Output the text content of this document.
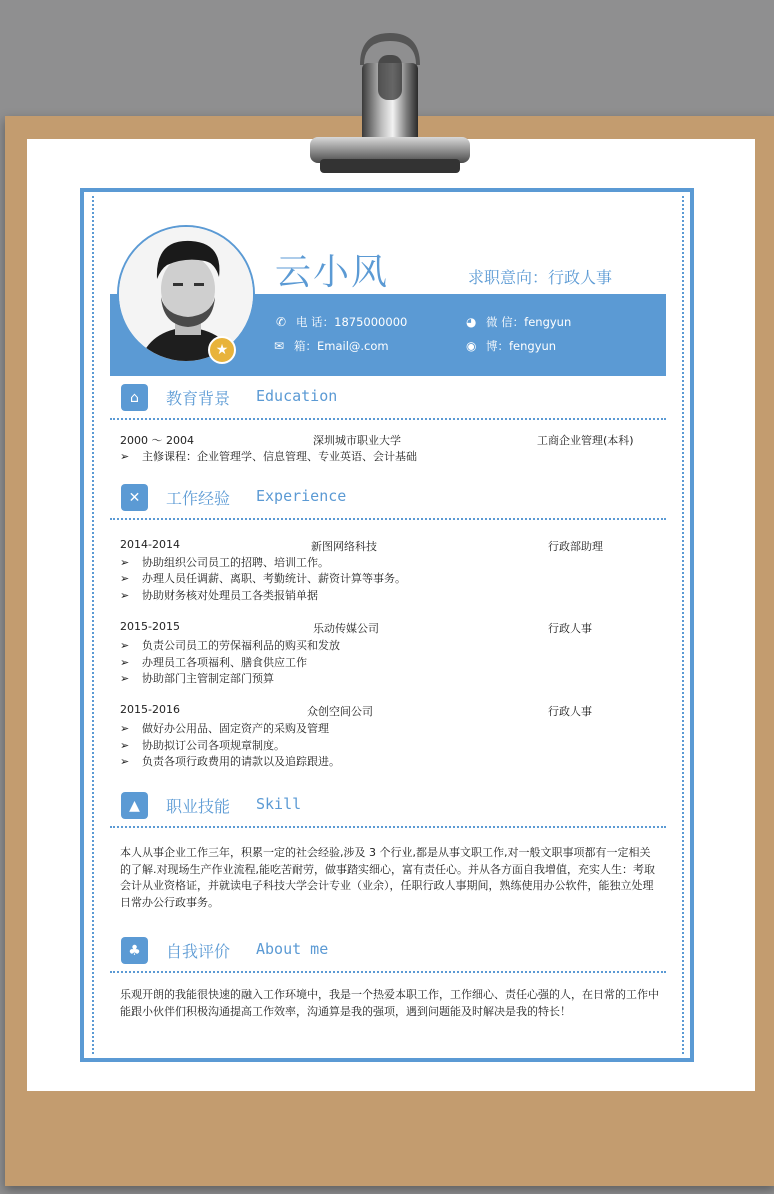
云小风	求职意向：行政人事
★
✆ 电 话：1875000000	◕ 微 信：fengyun
✉ 箱：Email@.com	◉ 博：fengyun
⌂	教育背景 Education
2000 ～ 2004	深圳城市职业大学	工商企业管理(本科)
➢ 主修课程：企业管理学、信息管理、专业英语、会计基础
✕	工作经验 Experience
2014-2014	新图网络科技	行政部助理
➢ 协助组织公司员工的招聘、培训工作。
➢ 办理人员任调薪、离职、考勤统计、薪资计算等事务。
➢ 协助财务核对处理员工各类报销单据
2015-2015	乐动传媒公司	行政人事
➢ 负责公司员工的劳保福利品的购买和发放
➢ 办理员工各项福利、膳食供应工作
➢ 协助部门主管制定部门预算
2015-2016	众创空间公司	行政人事
➢ 做好办公用品、固定资产的采购及管理
➢ 协助拟订公司各项规章制度。
➢ 负责各项行政费用的请款以及追踪跟进。
▲	职业技能 Skill
本人从事企业工作三年，积累一定的社会经验,涉及 3 个行业,都是从事文职工作,对一般文职事项都有一定相关的了解.对现场生产作业流程,能吃苦耐劳，做事踏实细心，富有责任心。并从各方面自我增值，充实人生：考取会计从业资格证，并就读电子科技大学会计专业（业余），任职行政人事期间，熟练使用办公软件，能独立处理日常办公行政事务。
♣	自我评价 About me
乐观开朗的我能很快速的融入工作环境中，我是一个热爱本职工作，工作细心、责任心强的人，在日常的工作中能跟小伙伴们积极沟通提高工作效率，沟通算是我的强项，遇到问题能及时解决是我的特长！
